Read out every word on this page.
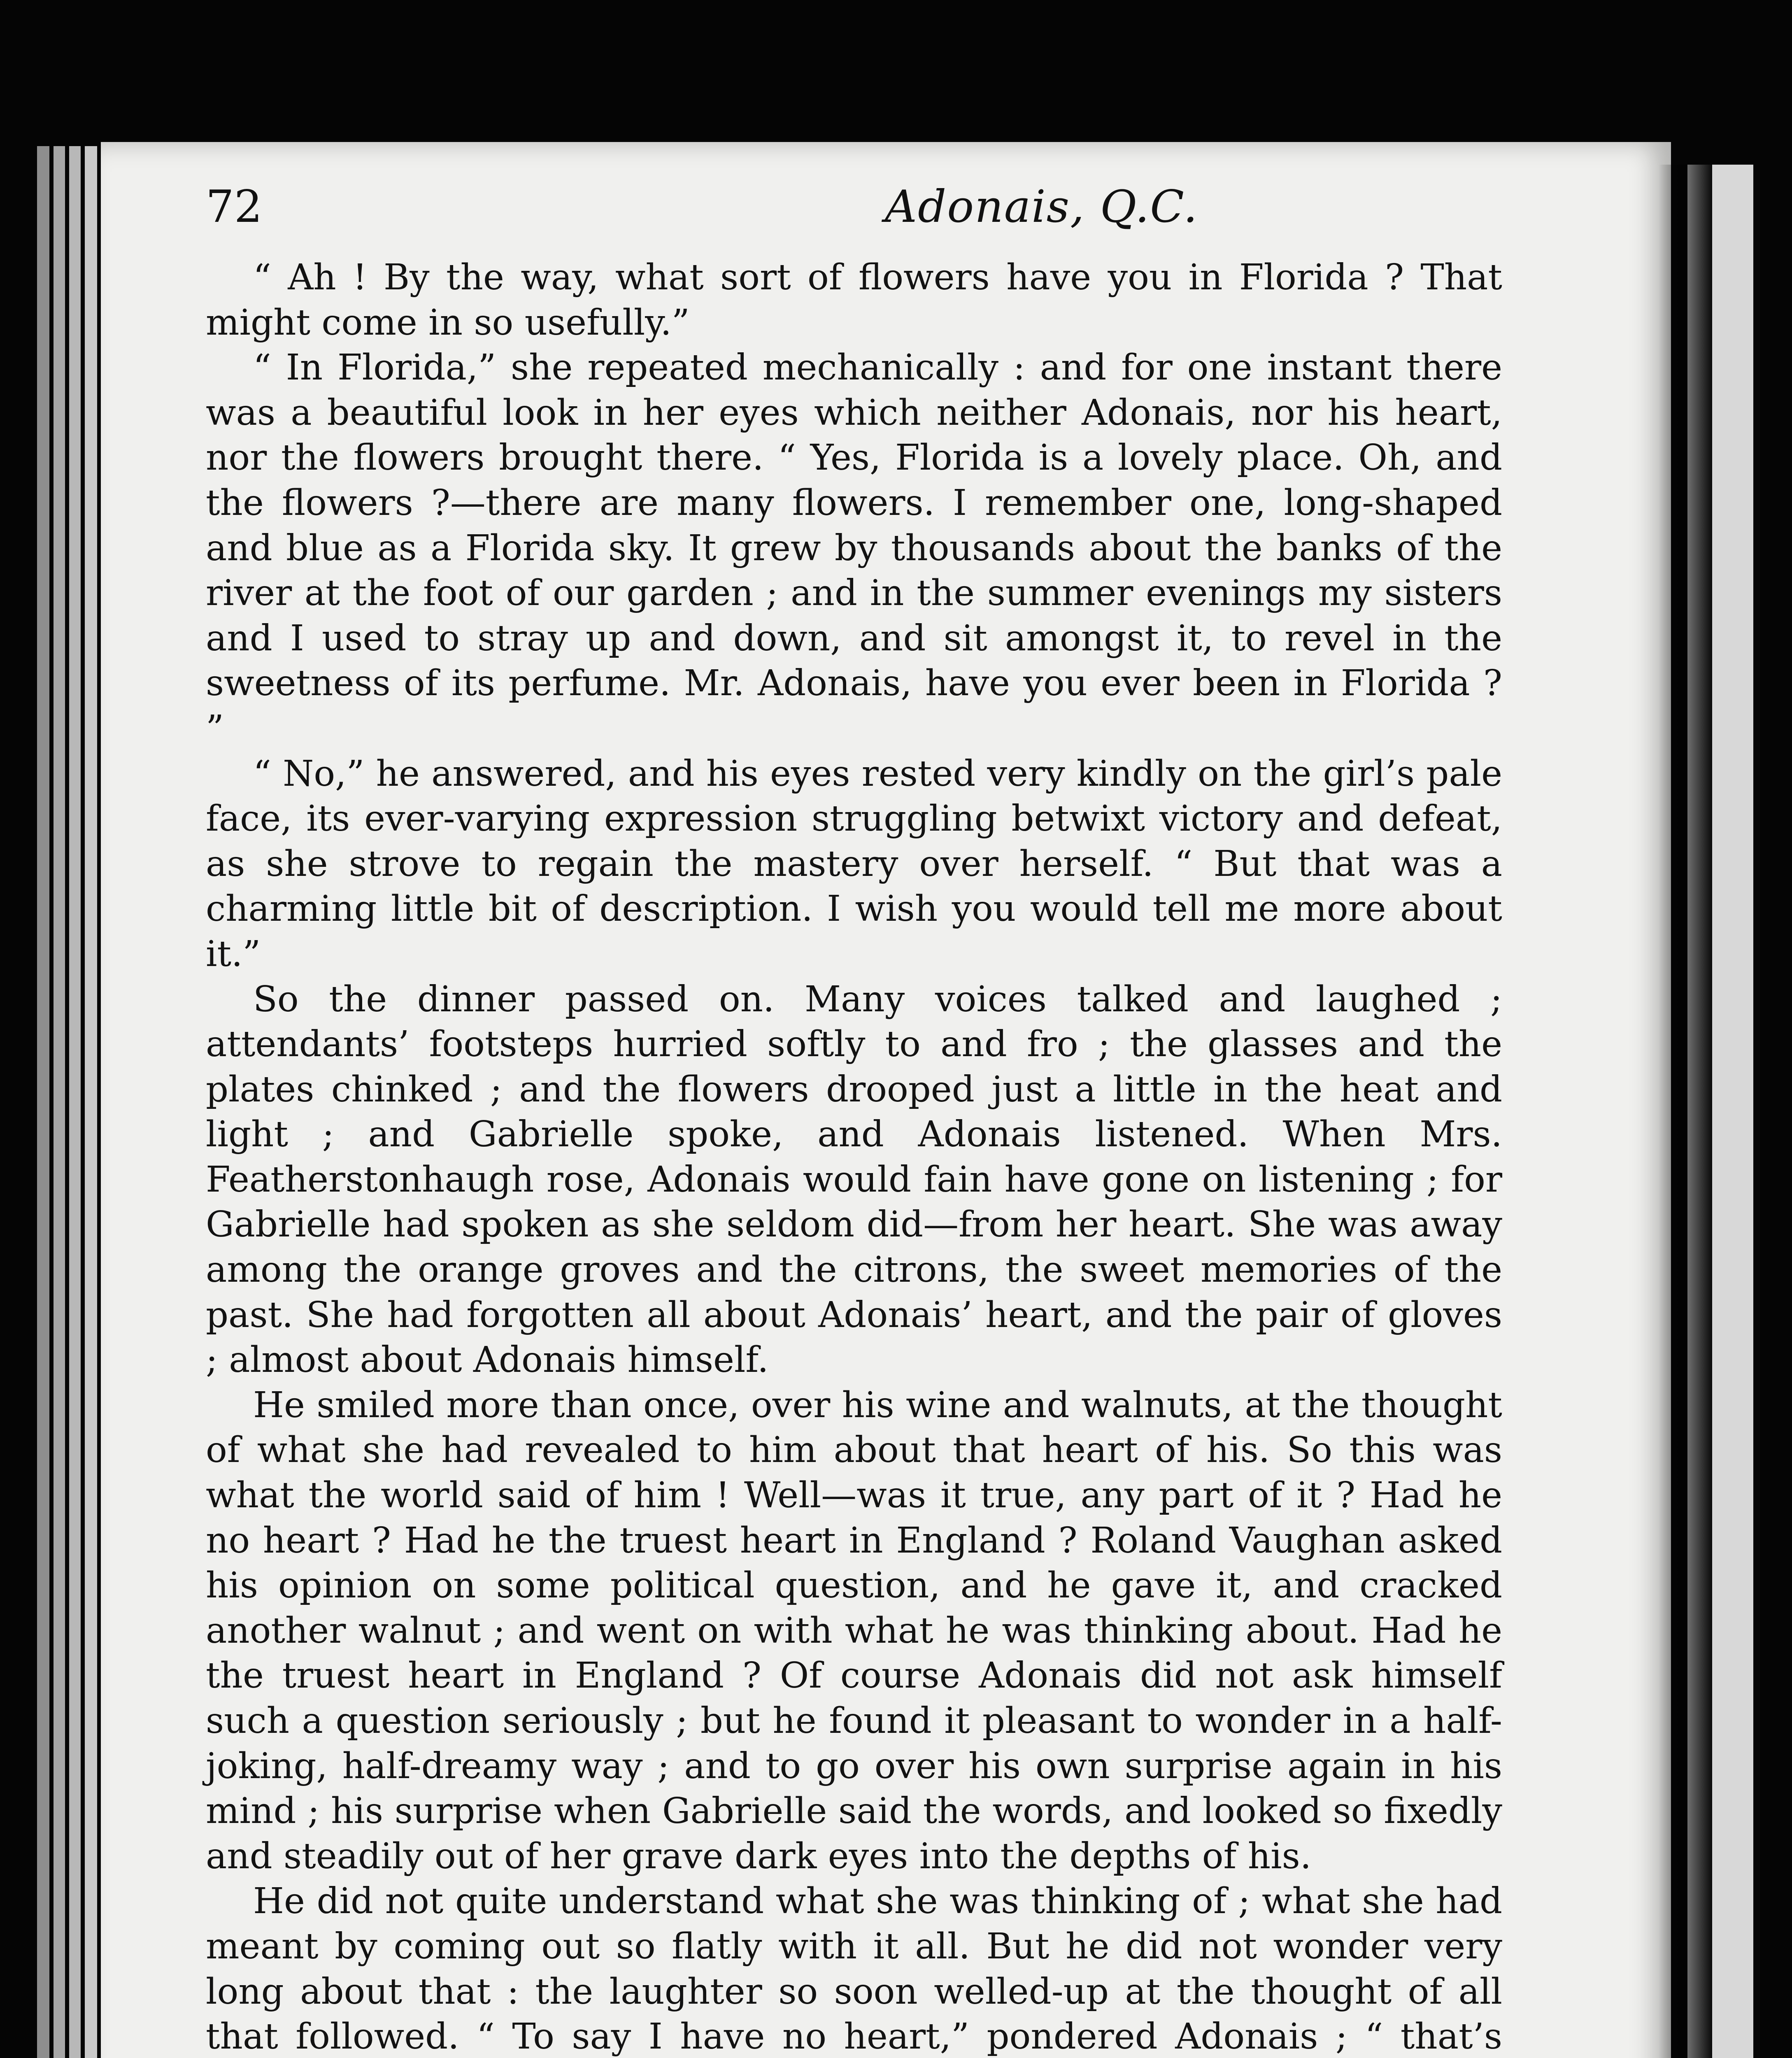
72	Adonais, Q.C.

“ Ah ! By the way, what sort of flowers have you in Florida ? That might come in so usefully.”

“ In Florida,” she repeated mechanically : and for one instant there was a beautiful look in her eyes which neither Adonais, nor his heart, nor the flowers brought there. “ Yes, Florida is a lovely place. Oh, and the flowers ?—there are many flowers. I remember one, long-shaped and blue as a Florida sky. It grew by thousands about the banks of the river at the foot of our garden ; and in the summer evenings my sisters and I used to stray up and down, and sit amongst it, to revel in the sweetness of its perfume. Mr. Adonais, have you ever been in Florida ? ”

“ No,” he answered, and his eyes rested very kindly on the girl’s pale face, its ever-varying expression struggling betwixt victory and defeat, as she strove to regain the mastery over herself. “ But that was a charming little bit of description. I wish you would tell me more about it.”

So the dinner passed on. Many voices talked and laughed ; attendants’ footsteps hurried softly to and fro ; the glasses and the plates chinked ; and the flowers drooped just a little in the heat and light ; and Gabrielle spoke, and Adonais listened. When Mrs. Featherstonhaugh rose, Adonais would fain have gone on listening ; for Gabrielle had spoken as she seldom did—from her heart. She was away among the orange groves and the citrons, the sweet memories of the past. She had forgotten all about Adonais’ heart, and the pair of gloves ; almost about Adonais himself.

He smiled more than once, over his wine and walnuts, at the thought of what she had revealed to him about that heart of his. So this was what the world said of him ! Well—was it true, any part of it ? Had he no heart ? Had he the truest heart in England ? Roland Vaughan asked his opinion on some political question, and he gave it, and cracked another walnut ; and went on with what he was thinking about. Had he the truest heart in England ? Of course Adonais did not ask himself such a question seriously ; but he found it pleasant to wonder in a half-joking, half-dreamy way ; and to go over his own surprise again in his mind ; his surprise when Gabrielle said the words, and looked so fixedly and steadily out of her grave dark eyes into the depths of his.

He did not quite understand what she was thinking of ; what she had meant by coming out so flatly with it all. But he did not wonder very long about that : the laughter so soon welled-up at the thought of all that followed. “ To say I have no heart,” pondered Adonais ; “ that’s
